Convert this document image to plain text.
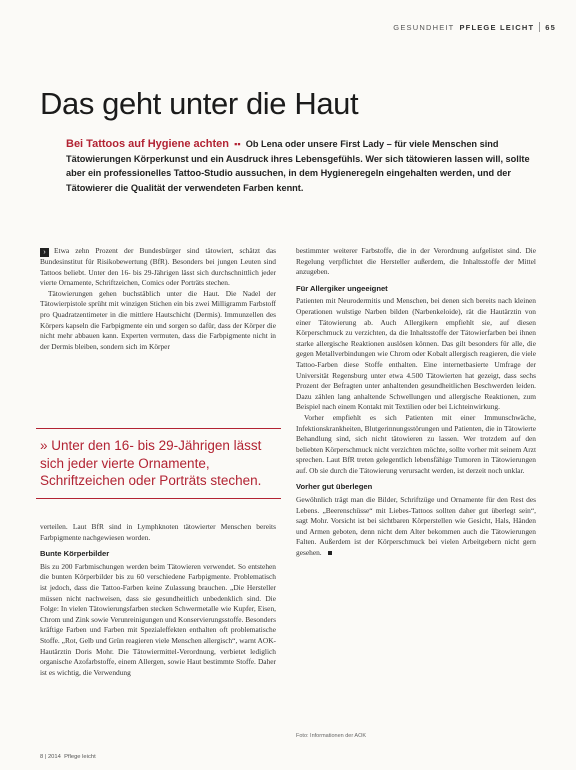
GESUNDHEIT PFLEGE LEICHT 65
Das geht unter die Haut
Bei Tattoos auf Hygiene achten  ▪▪  Ob Lena oder unsere First Lady – für viele Menschen sind Tätowierungen Körperkunst und ein Ausdruck ihres Lebensgefühls. Wer sich tätowieren lassen will, sollte aber ein professionelles Tattoo-Studio aussuchen, in dem Hygieneregeln eingehalten werden, und der Tätowierer die Qualität der verwendeten Farben kennt.

› Etwa zehn Prozent der Bundesbürger sind tätowiert, schätzt das Bundesinstitut für Risikobewertung (BfR). Besonders bei jungen Leuten sind Tattoos beliebt. Unter den 16- bis 29-Jährigen lässt sich durchschnittlich jeder vierte Ornamente, Schriftzeichen, Comics oder Porträts stechen.

Tätowierungen gehen buchstäblich unter die Haut. Die Nadel der Tätowierpistole sprüht mit winzigen Stichen ein bis zwei Milligramm Farbstoff pro Quadratzentimeter in die mittlere Hautschicht (Dermis). Immunzellen des Körpers kapseln die Farbpigmente ein und sorgen so dafür, dass der Körper die nicht mehr abbauen kann. Experten vermuten, dass die Farbpigmente nicht in der Dermis bleiben, sondern sich im Körper

» Unter den 16- bis 29-Jährigen lässt sich jeder vierte Ornamente, Schriftzeichen oder Porträts stechen.

verteilen. Laut BfR sind in Lymphknoten tätowierter Menschen bereits Farbpigmente nachgewiesen worden.

Bunte Körperbilder

Bis zu 200 Farbmischungen werden beim Tätowieren verwendet. So entstehen die bunten Körperbilder bis zu 60 verschiedene Farbpigmente. Problematisch ist jedoch, dass die Tattoo-Farben keine Zulassung brauchen. „Die Hersteller müssen nicht nachweisen, dass sie gesundheitlich unbedenklich sind. Die Folge: In vielen Tätowierungsfarben stecken Schwermetalle wie Kupfer, Eisen, Chrom und Zink sowie Verunreinigungen und Konservierungsstoffe. Besonders kräftige Farben und Farben mit Spezialeffekten enthalten oft problematische Stoffe. „Rot, Gelb und Grün reagieren viele Menschen allergisch“, warnt AOK-Hautärztin Doris Mohr. Die Tätowiermittel-Verordnung, verbietet lediglich organische Azofarbstoffe, einem Allergen, sowie Haut bestimmte Stoffe. Daher ist es wichtig, die Verwendung

bestimmter weiterer Farbstoffe, die in der Verordnung aufgelistet sind. Die Regelung verpflichtet die Hersteller außerdem, die Inhaltsstoffe der Mittel anzugeben.

Für Allergiker ungeeignet

Patienten mit Neurodermitis und Menschen, bei denen sich bereits nach kleinen Operationen wulstige Narben bilden (Narbenkeloide), rät die Hautärztin von einer Tätowierung ab. Auch Allergikern empfiehlt sie, auf diesen Körperschmuck zu verzichten, da die Inhaltsstoffe der Tätowierfarben bei ihnen starke allergische Reaktionen auslösen können. Das gilt besonders für alle, die gegen Metallverbindungen wie Chrom oder Kobalt allergisch reagieren, die viele Tattoo-Farben diese Stoffe enthalten. Eine internetbasierte Umfrage der Universität Regensburg unter etwa 4.500 Tätowierten hat gezeigt, dass sechs Prozent der Befragten unter anhaltenden gesundheitlichen Beschwerden leiden. Dazu zählen lang anhaltende Schwellungen und allergische Reaktionen, zum Beispiel nach einem Kontakt mit Textilien oder bei Lichteinwirkung.

Vorher empfiehlt es sich Patienten mit einer Immunschwäche, Infektionskrankheiten, Blutgerinnungsstörungen und Patienten, die in Tätowierte Behandlung sind, sich nicht tätowieren zu lassen. Wer trotzdem auf den beliebten Körperschmuck nicht verzichten möchte, sollte vorher mit seinem Arzt sprechen. Laut BfR treten gelegentlich lebensfähige Tumoren in Tätowierungen auf. Ob sie durch die Tätowierung verursacht werden, ist derzeit noch unklar.

Vorher gut überlegen

Gewöhnlich trägt man die Bilder, Schriftzüge und Ornamente für den Rest des Lebens. „Beerenschüsse“ mit Liebes-Tattoos sollten daher gut überlegt sein“, sagt Mohr. Vorsicht ist bei sichtbaren Körperstellen wie Gesicht, Hals, Händen und Armen geboten, denn nicht dem Alter bekommen auch die Tätowierungen Falten. Außerdem ist der Körperschmuck bei vielen Arbeitgebern nicht gern gesehen.

Foto: Informationen der AOK
8 | 2014 Pflege leicht
